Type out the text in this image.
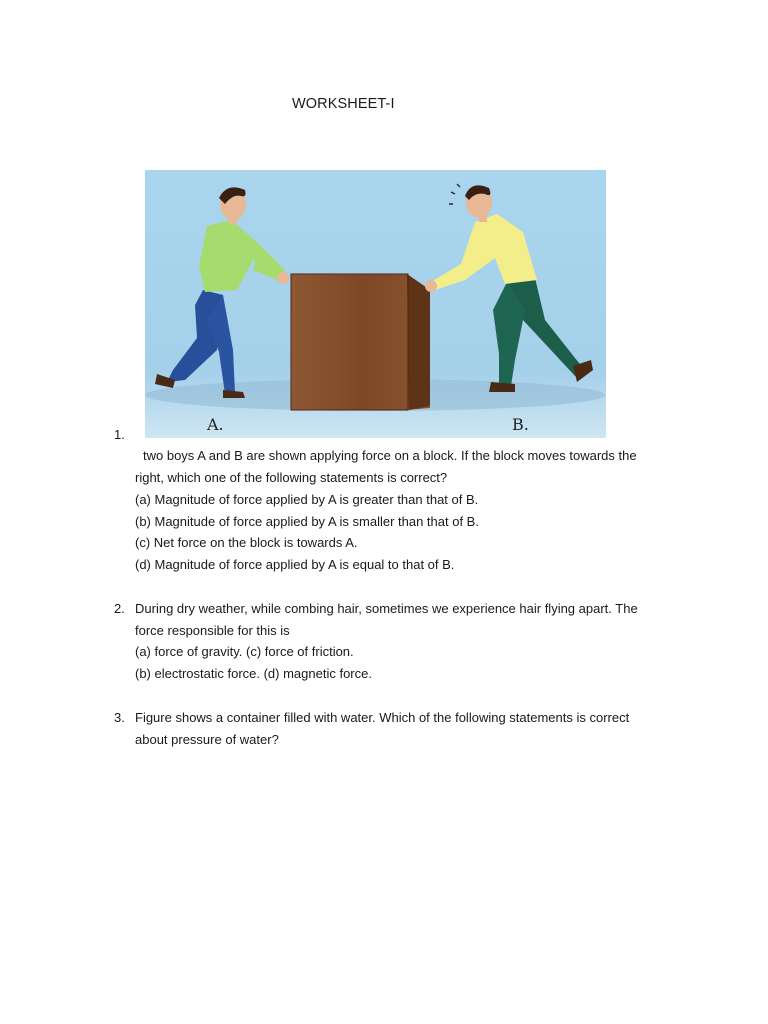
WORKSHEET-I
A.	B.
1.
two boys A and B are shown applying force on a block. If the block moves towards the
right, which one of the following statements is correct?
(a) Magnitude of force applied by A is greater than that of B.
(b) Magnitude of force applied by A is smaller than that of B.
(c) Net force on the block is towards A.
(d) Magnitude of force applied by A is equal to that of B.
2. During dry weather, while combing hair, sometimes we experience hair flying apart. The
force responsible for this is
(a) force of gravity. (c) force of friction.
(b) electrostatic force. (d) magnetic force.
3. Figure shows a container filled with water. Which of the following statements is correct
about pressure of water?
